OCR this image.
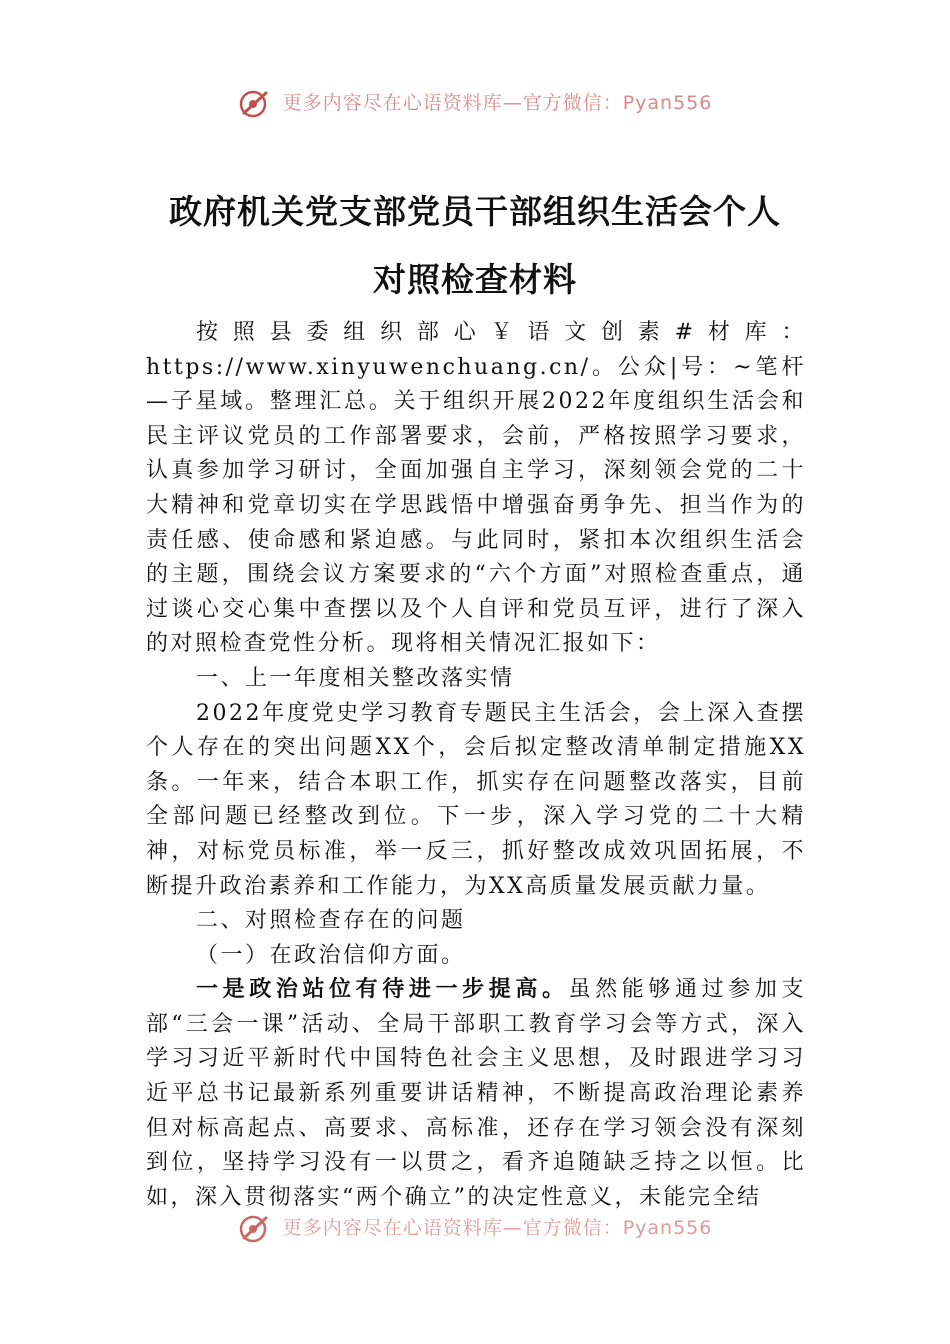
更多内容尽在心语资料库—官方微信：Pyan556
政府机关党支部党员干部组织生活会个人
对照检查材料

按照县委组织部心￥语文创素#材库：https://www.xinyuwenchuang.cn/。公众|号：~笔杆—子星域。整理汇总。关于组织开展2022年度组织生活会和民主评议党员的工作部署要求，会前，严格按照学习要求，认真参加学习研讨，全面加强自主学习，深刻领会党的二十大精神和党章切实在学思践悟中增强奋勇争先、担当作为的责任感、使命感和紧迫感。与此同时，紧扣本次组织生活会的主题，围绕会议方案要求的“六个方面”对照检查重点，通过谈心交心集中查摆以及个人自评和党员互评，进行了深入的对照检查党性分析。现将相关情况汇报如下：

一、上一年度相关整改落实情

2022年度党史学习教育专题民主生活会，会上深入查摆个人存在的突出问题XX个，会后拟定整改清单制定措施XX条。一年来，结合本职工作，抓实存在问题整改落实，目前全部问题已经整改到位。下一步，深入学习党的二十大精神，对标党员标准，举一反三，抓好整改成效巩固拓展，不断提升政治素养和工作能力，为XX高质量发展贡献力量。

二、对照检查存在的问题

（一）在政治信仰方面。

一是政治站位有待进一步提高。虽然能够通过参加支部“三会一课”活动、全局干部职工教育学习会等方式，深入学习习近平新时代中国特色社会主义思想，及时跟进学习习近平总书记最新系列重要讲话精神，不断提高政治理论素养但对标高起点、高要求、高标准，还存在学习领会没有深刻到位，坚持学习没有一以贯之，看齐追随缺乏持之以恒。比如，深入贯彻落实“两个确立”的决定性意义，未能完全结

更多内容尽在心语资料库—官方微信：Pyan556
